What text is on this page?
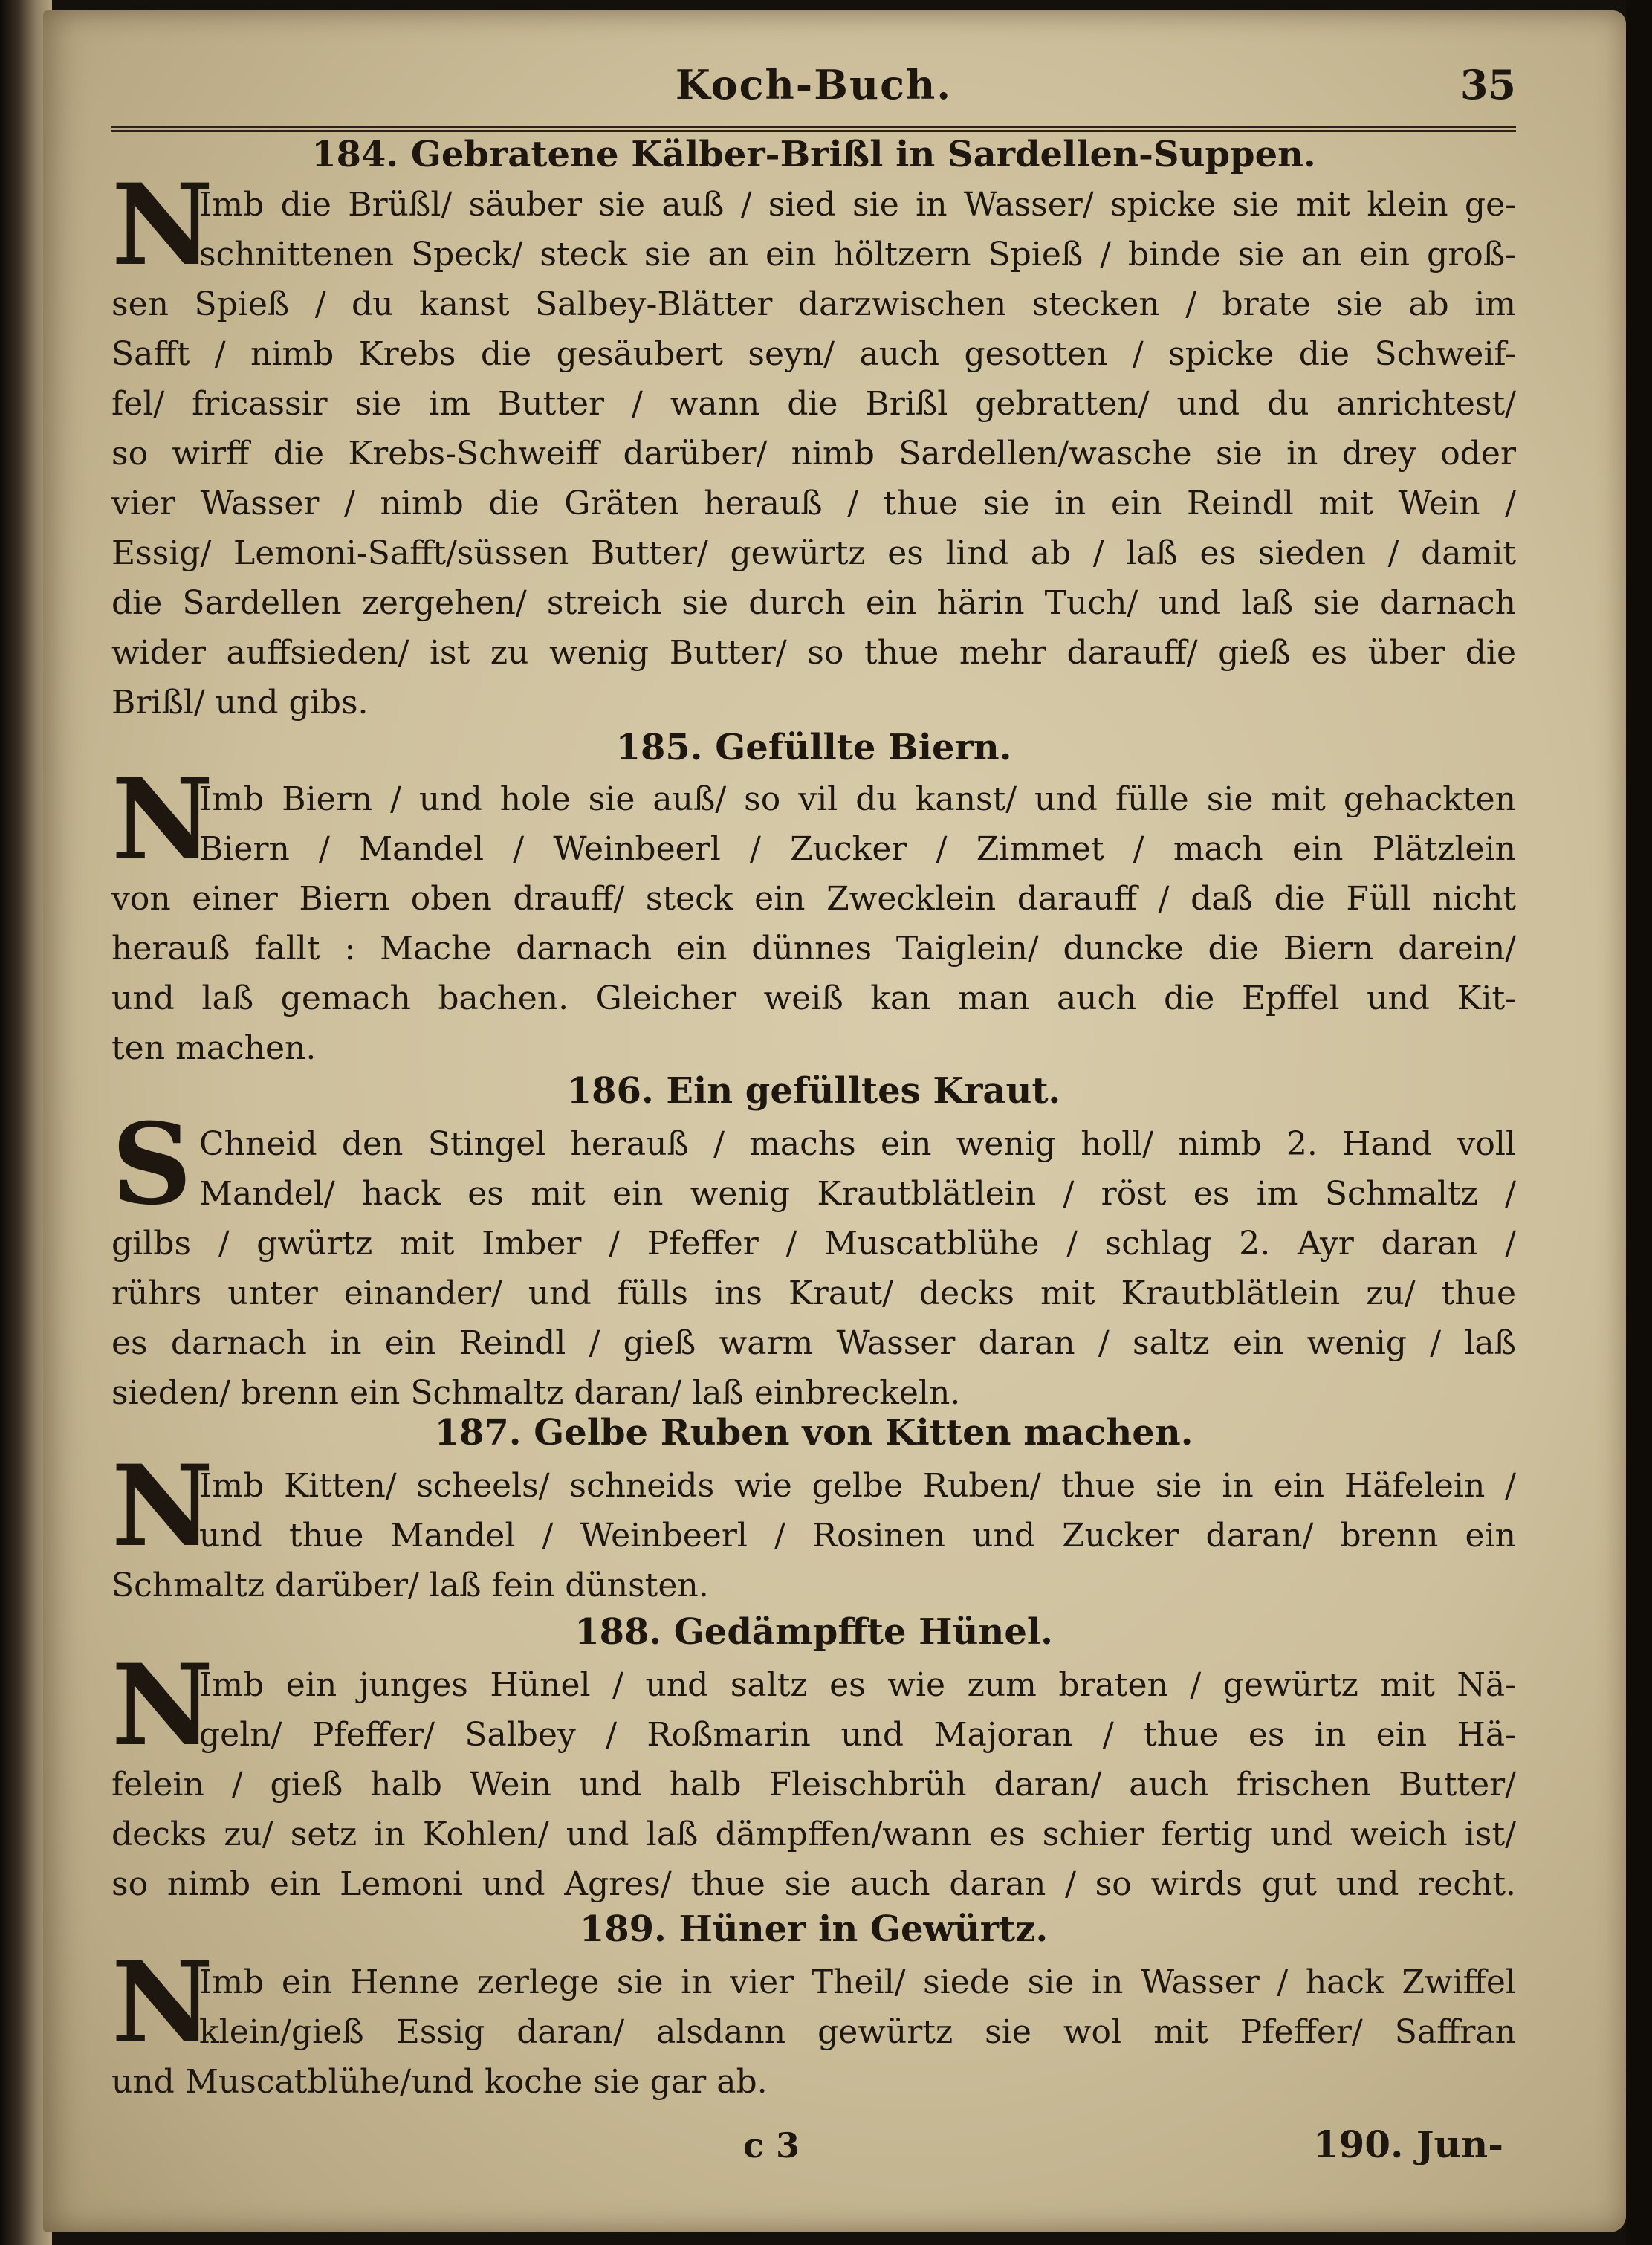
Koch-Buch.	35
184. Gebratene Kälber-Brißl in Sardellen-Suppen.
N
Imb die Brüßl/ säuber sie auß / sied sie in Wasser/ spicke sie mit klein ge-
schnittenen Speck/ steck sie an ein höltzern Spieß / binde sie an ein groß-
sen Spieß / du kanst Salbey-Blätter darzwischen stecken / brate sie ab im
Safft / nimb Krebs die gesäubert seyn/ auch gesotten / spicke die Schweif-
fel/ fricassir sie im Butter / wann die Brißl gebratten/ und du anrichtest/
so wirff die Krebs-Schweiff darüber/ nimb Sardellen/wasche sie in drey oder
vier Wasser / nimb die Gräten herauß / thue sie in ein Reindl mit Wein /
Essig/ Lemoni-Safft/süssen Butter/ gewürtz es lind ab / laß es sieden / damit
die Sardellen zergehen/ streich sie durch ein härin Tuch/ und laß sie darnach
wider auffsieden/ ist zu wenig Butter/ so thue mehr darauff/ gieß es über die
Brißl/ und gibs.
185. Gefüllte Biern.
N
Imb Biern / und hole sie auß/ so vil du kanst/ und fülle sie mit gehackten
Biern / Mandel / Weinbeerl / Zucker / Zimmet / mach ein Plätzlein
von einer Biern oben drauff/ steck ein Zwecklein darauff / daß die Füll nicht
herauß fallt : Mache darnach ein dünnes Taiglein/ duncke die Biern darein/
und laß gemach bachen. Gleicher weiß kan man auch die Epffel und Kit-
ten machen.
186. Ein gefülltes Kraut.
S Chneid den Stingel herauß / machs ein wenig holl/ nimb 2. Hand voll
Mandel/ hack es mit ein wenig Krautblätlein / röst es im Schmaltz /
gilbs / gwürtz mit Imber / Pfeffer / Muscatblühe / schlag 2. Ayr daran /
rührs unter einander/ und fülls ins Kraut/ decks mit Krautblätlein zu/ thue
es darnach in ein Reindl / gieß warm Wasser daran / saltz ein wenig / laß
sieden/ brenn ein Schmaltz daran/ laß einbreckeln.
187. Gelbe Ruben von Kitten machen.
N
Imb Kitten/ scheels/ schneids wie gelbe Ruben/ thue sie in ein Häfelein /
und thue Mandel / Weinbeerl / Rosinen und Zucker daran/ brenn ein
Schmaltz darüber/ laß fein dünsten.
188. Gedämpffte Hünel.
N
Imb ein junges Hünel / und saltz es wie zum braten / gewürtz mit Nä-
geln/ Pfeffer/ Salbey / Roßmarin und Majoran / thue es in ein Hä-
felein / gieß halb Wein und halb Fleischbrüh daran/ auch frischen Butter/
decks zu/ setz in Kohlen/ und laß dämpffen/wann es schier fertig und weich ist/
so nimb ein Lemoni und Agres/ thue sie auch daran / so wirds gut und recht.
189. Hüner in Gewürtz.
N
Imb ein Henne zerlege sie in vier Theil/ siede sie in Wasser / hack Zwiffel
klein/gieß Essig daran/ alsdann gewürtz sie wol mit Pfeffer/ Saffran
und Muscatblühe/und koche sie gar ab.
c 3	190. Jun-
